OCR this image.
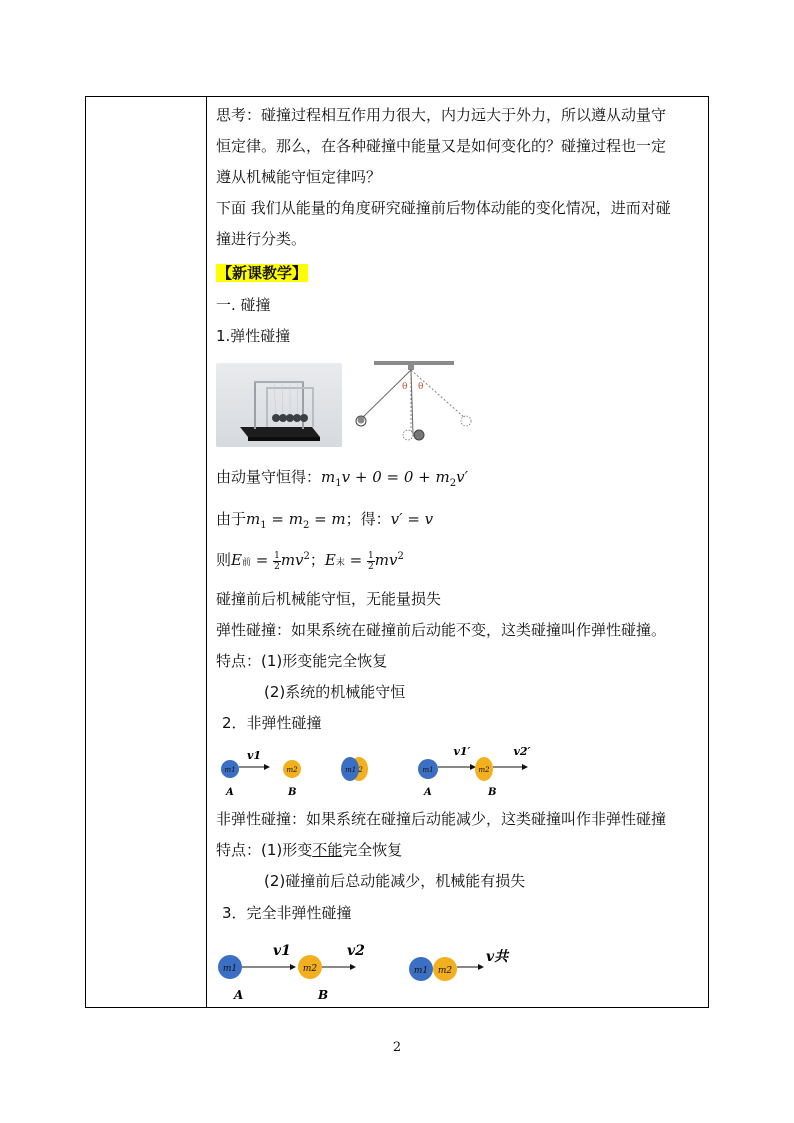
思考：碰撞过程相互作用力很大，内力远大于外力，所以遵从动量守
恒定律。那么，在各种碰撞中能量又是如何变化的？碰撞过程也一定
遵从机械能守恒定律吗？
下面 我们从能量的角度研究碰撞前后物体动能的变化情况，进而对碰
撞进行分类。
【新课教学】
一. 碰撞
1.弹性碰撞
θ θ
由动量守恒得：$m_1v + 0 = 0 + m_2v'$
由于$m_1 = m_2 = m$；得：v′ = v
则E前 = $\frac{1}{2} mv^2$；E末 = $\frac{1}{2} mv^2$
碰撞前后机械能守恒，无能量损失
弹性碰撞：如果系统在碰撞前后动能不变，这类碰撞叫作弹性碰撞。
特点：(1)形变能完全恢复
(2)系统的机械能守恒
2．非弹性碰撞
m1
v1
A
m2
B
m1 2	m1
v1′
A
m2
v2′
B
非弹性碰撞：如果系统在碰撞后动能减少，这类碰撞叫作非弹性碰撞
特点：(1)形变不能完全恢复
(2)碰撞前后总动能减少，机械能有损失
3．完全非弹性碰撞
m1
v1
A
m2
v2
B
m1 m2
v共
2
